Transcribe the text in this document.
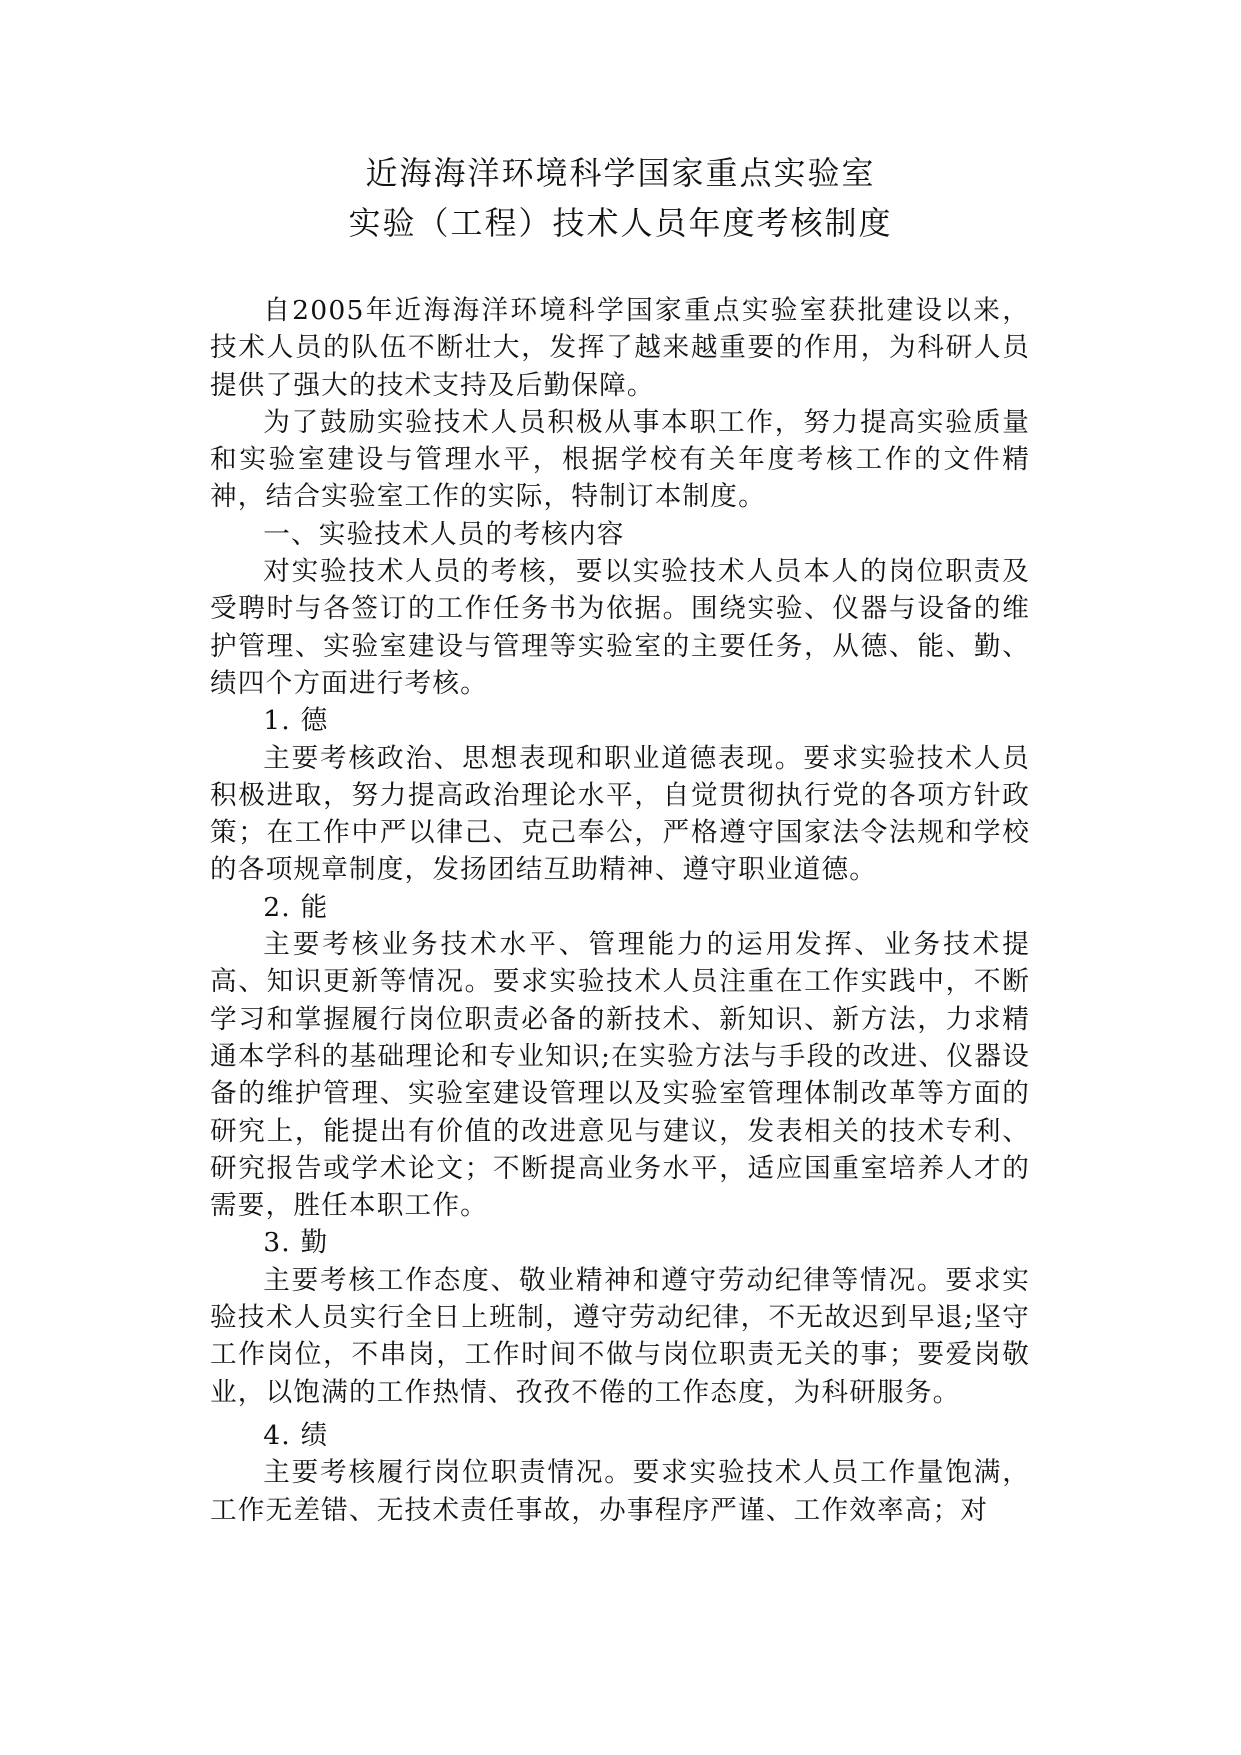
近海海洋环境科学国家重点实验室
实验（工程）技术人员年度考核制度

自2005年近海海洋环境科学国家重点实验室获批建设以来，技术人员的队伍不断壮大，发挥了越来越重要的作用，为科研人员提供了强大的技术支持及后勤保障。

为了鼓励实验技术人员积极从事本职工作，努力提高实验质量和实验室建设与管理水平，根据学校有关年度考核工作的文件精神，结合实验室工作的实际，特制订本制度。

一、实验技术人员的考核内容

对实验技术人员的考核，要以实验技术人员本人的岗位职责及受聘时与各签订的工作任务书为依据。围绕实验、仪器与设备的维护管理、实验室建设与管理等实验室的主要任务，从德、能、勤、绩四个方面进行考核。

1. 德

主要考核政治、思想表现和职业道德表现。要求实验技术人员积极进取，努力提高政治理论水平，自觉贯彻执行党的各项方针政策；在工作中严以律己、克己奉公，严格遵守国家法令法规和学校的各项规章制度，发扬团结互助精神、遵守职业道德。

2. 能

主要考核业务技术水平、管理能力的运用发挥、业务技术提高、知识更新等情况。要求实验技术人员注重在工作实践中，不断学习和掌握履行岗位职责必备的新技术、新知识、新方法，力求精通本学科的基础理论和专业知识;在实验方法与手段的改进、仪器设备的维护管理、实验室建设管理以及实验室管理体制改革等方面的研究上，能提出有价值的改进意见与建议，发表相关的技术专利、研究报告或学术论文；不断提高业务水平，适应国重室培养人才的需要，胜任本职工作。

3. 勤

主要考核工作态度、敬业精神和遵守劳动纪律等情况。要求实验技术人员实行全日上班制，遵守劳动纪律，不无故迟到早退;坚守工作岗位，不串岗，工作时间不做与岗位职责无关的事；要爱岗敬业，以饱满的工作热情、孜孜不倦的工作态度，为科研服务。

4. 绩

主要考核履行岗位职责情况。要求实验技术人员工作量饱满，工作无差错、无技术责任事故，办事程序严谨、工作效率高；对
